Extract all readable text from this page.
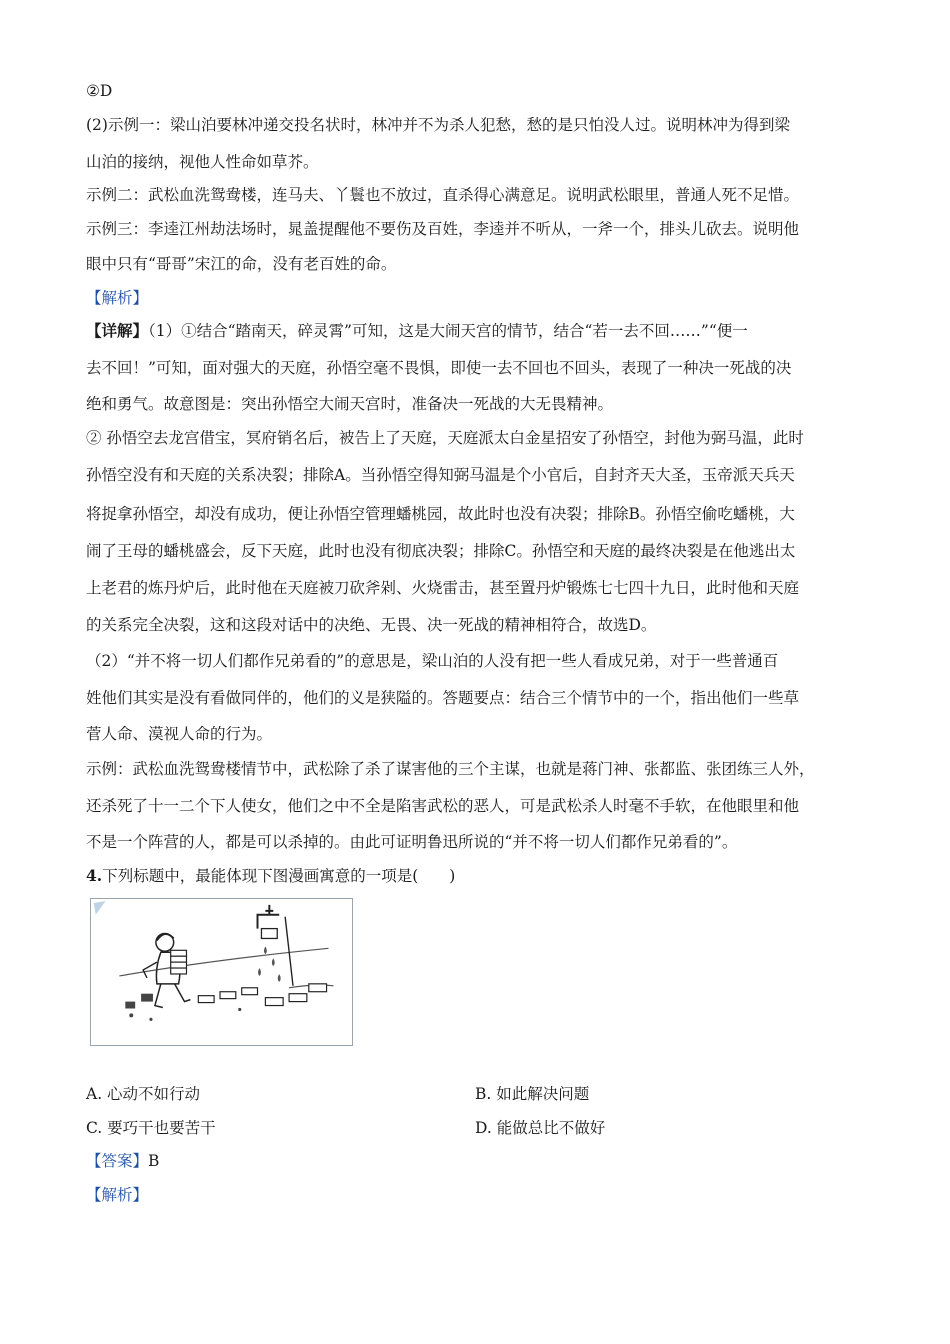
②D
(2)示例一：梁山泊要林冲递交投名状时，林冲并不为杀人犯愁，愁的是只怕没人过。说明林冲为得到梁
山泊的接纳，视他人性命如草芥。
示例二：武松血洗鸳鸯楼，连马夫、丫鬟也不放过，直杀得心满意足。说明武松眼里，普通人死不足惜。
示例三：李逵江州劫法场时，晁盖提醒他不要伤及百姓，李逵并不听从，一斧一个，排头儿砍去。说明他
眼中只有“哥哥”宋江的命，没有老百姓的命。
【解析】
【详解】（1）①结合“踏南天，碎灵霄”可知，这是大闹天宫的情节，结合“若一去不回……”“便一
去不回！”可知，面对强大的天庭，孙悟空毫不畏惧，即使一去不回也不回头，表现了一种决一死战的决
绝和勇气。故意图是：突出孙悟空大闹天宫时，准备决一死战的大无畏精神。
② 孙悟空去龙宫借宝，冥府销名后，被告上了天庭，天庭派太白金星招安了孙悟空，封他为弼马温，此时
孙悟空没有和天庭的关系决裂；排除A。当孙悟空得知弼马温是个小官后，自封齐天大圣，玉帝派天兵天
将捉拿孙悟空，却没有成功，便让孙悟空管理蟠桃园，故此时也没有决裂；排除B。孙悟空偷吃蟠桃，大
闹了王母的蟠桃盛会，反下天庭，此时也没有彻底决裂；排除C。孙悟空和天庭的最终决裂是在他逃出太
上老君的炼丹炉后，此时他在天庭被刀砍斧剁、火烧雷击，甚至置丹炉锻炼七七四十九日，此时他和天庭
的关系完全决裂，这和这段对话中的决绝、无畏、决一死战的精神相符合，故选D。
（2）“并不将一切人们都作兄弟看的”的意思是，梁山泊的人没有把一些人看成兄弟，对于一些普通百
姓他们其实是没有看做同伴的，他们的义是狭隘的。答题要点：结合三个情节中的一个，指出他们一些草
菅人命、漠视人命的行为。
示例：武松血洗鸳鸯楼情节中，武松除了杀了谋害他的三个主谋，也就是蒋门神、张都监、张团练三人外，
还杀死了十一二个下人使女，他们之中不全是陷害武松的恶人，可是武松杀人时毫不手软，在他眼里和他
不是一个阵营的人，都是可以杀掉的。由此可证明鲁迅所说的“并不将一切人们都作兄弟看的”。
4.下列标题中，最能体现下图漫画寓意的一项是(　　)
A. 心动不如行动	B. 如此解决问题
C. 要巧干也要苦干	D. 能做总比不做好
【答案】B
【解析】
